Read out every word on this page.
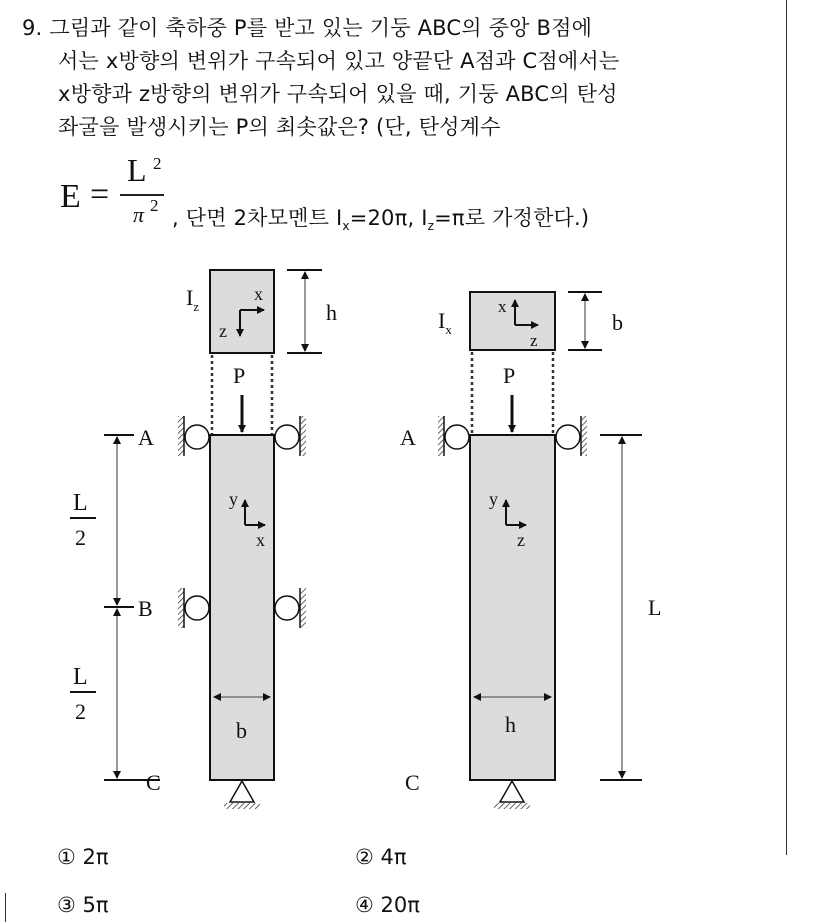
9. 그림과 같이 축하중 P를 받고 있는 기둥 ABC의 중앙 B점에
서는 x방향의 변위가 구속되어 있고 양끝단 A점과 C점에서는
x방향과 z방향의 변위가 구속되어 있을 때, 기둥 ABC의 탄성
좌굴을 발생시키는 P의 최솟값은? (단, 탄성계수
E =
L 2
π 2
, 단면 2차모멘트 $I_x=20\pi$, $I_z=\pi$로 가정한다.)
$I_z$
x
z
h
P
A
B
C
L
2
L
2
y
x
b
$I_x$
x
z
b
P
A
C
L
y
z
h
① 2π	② 4π
③ 5π	④ 20π
